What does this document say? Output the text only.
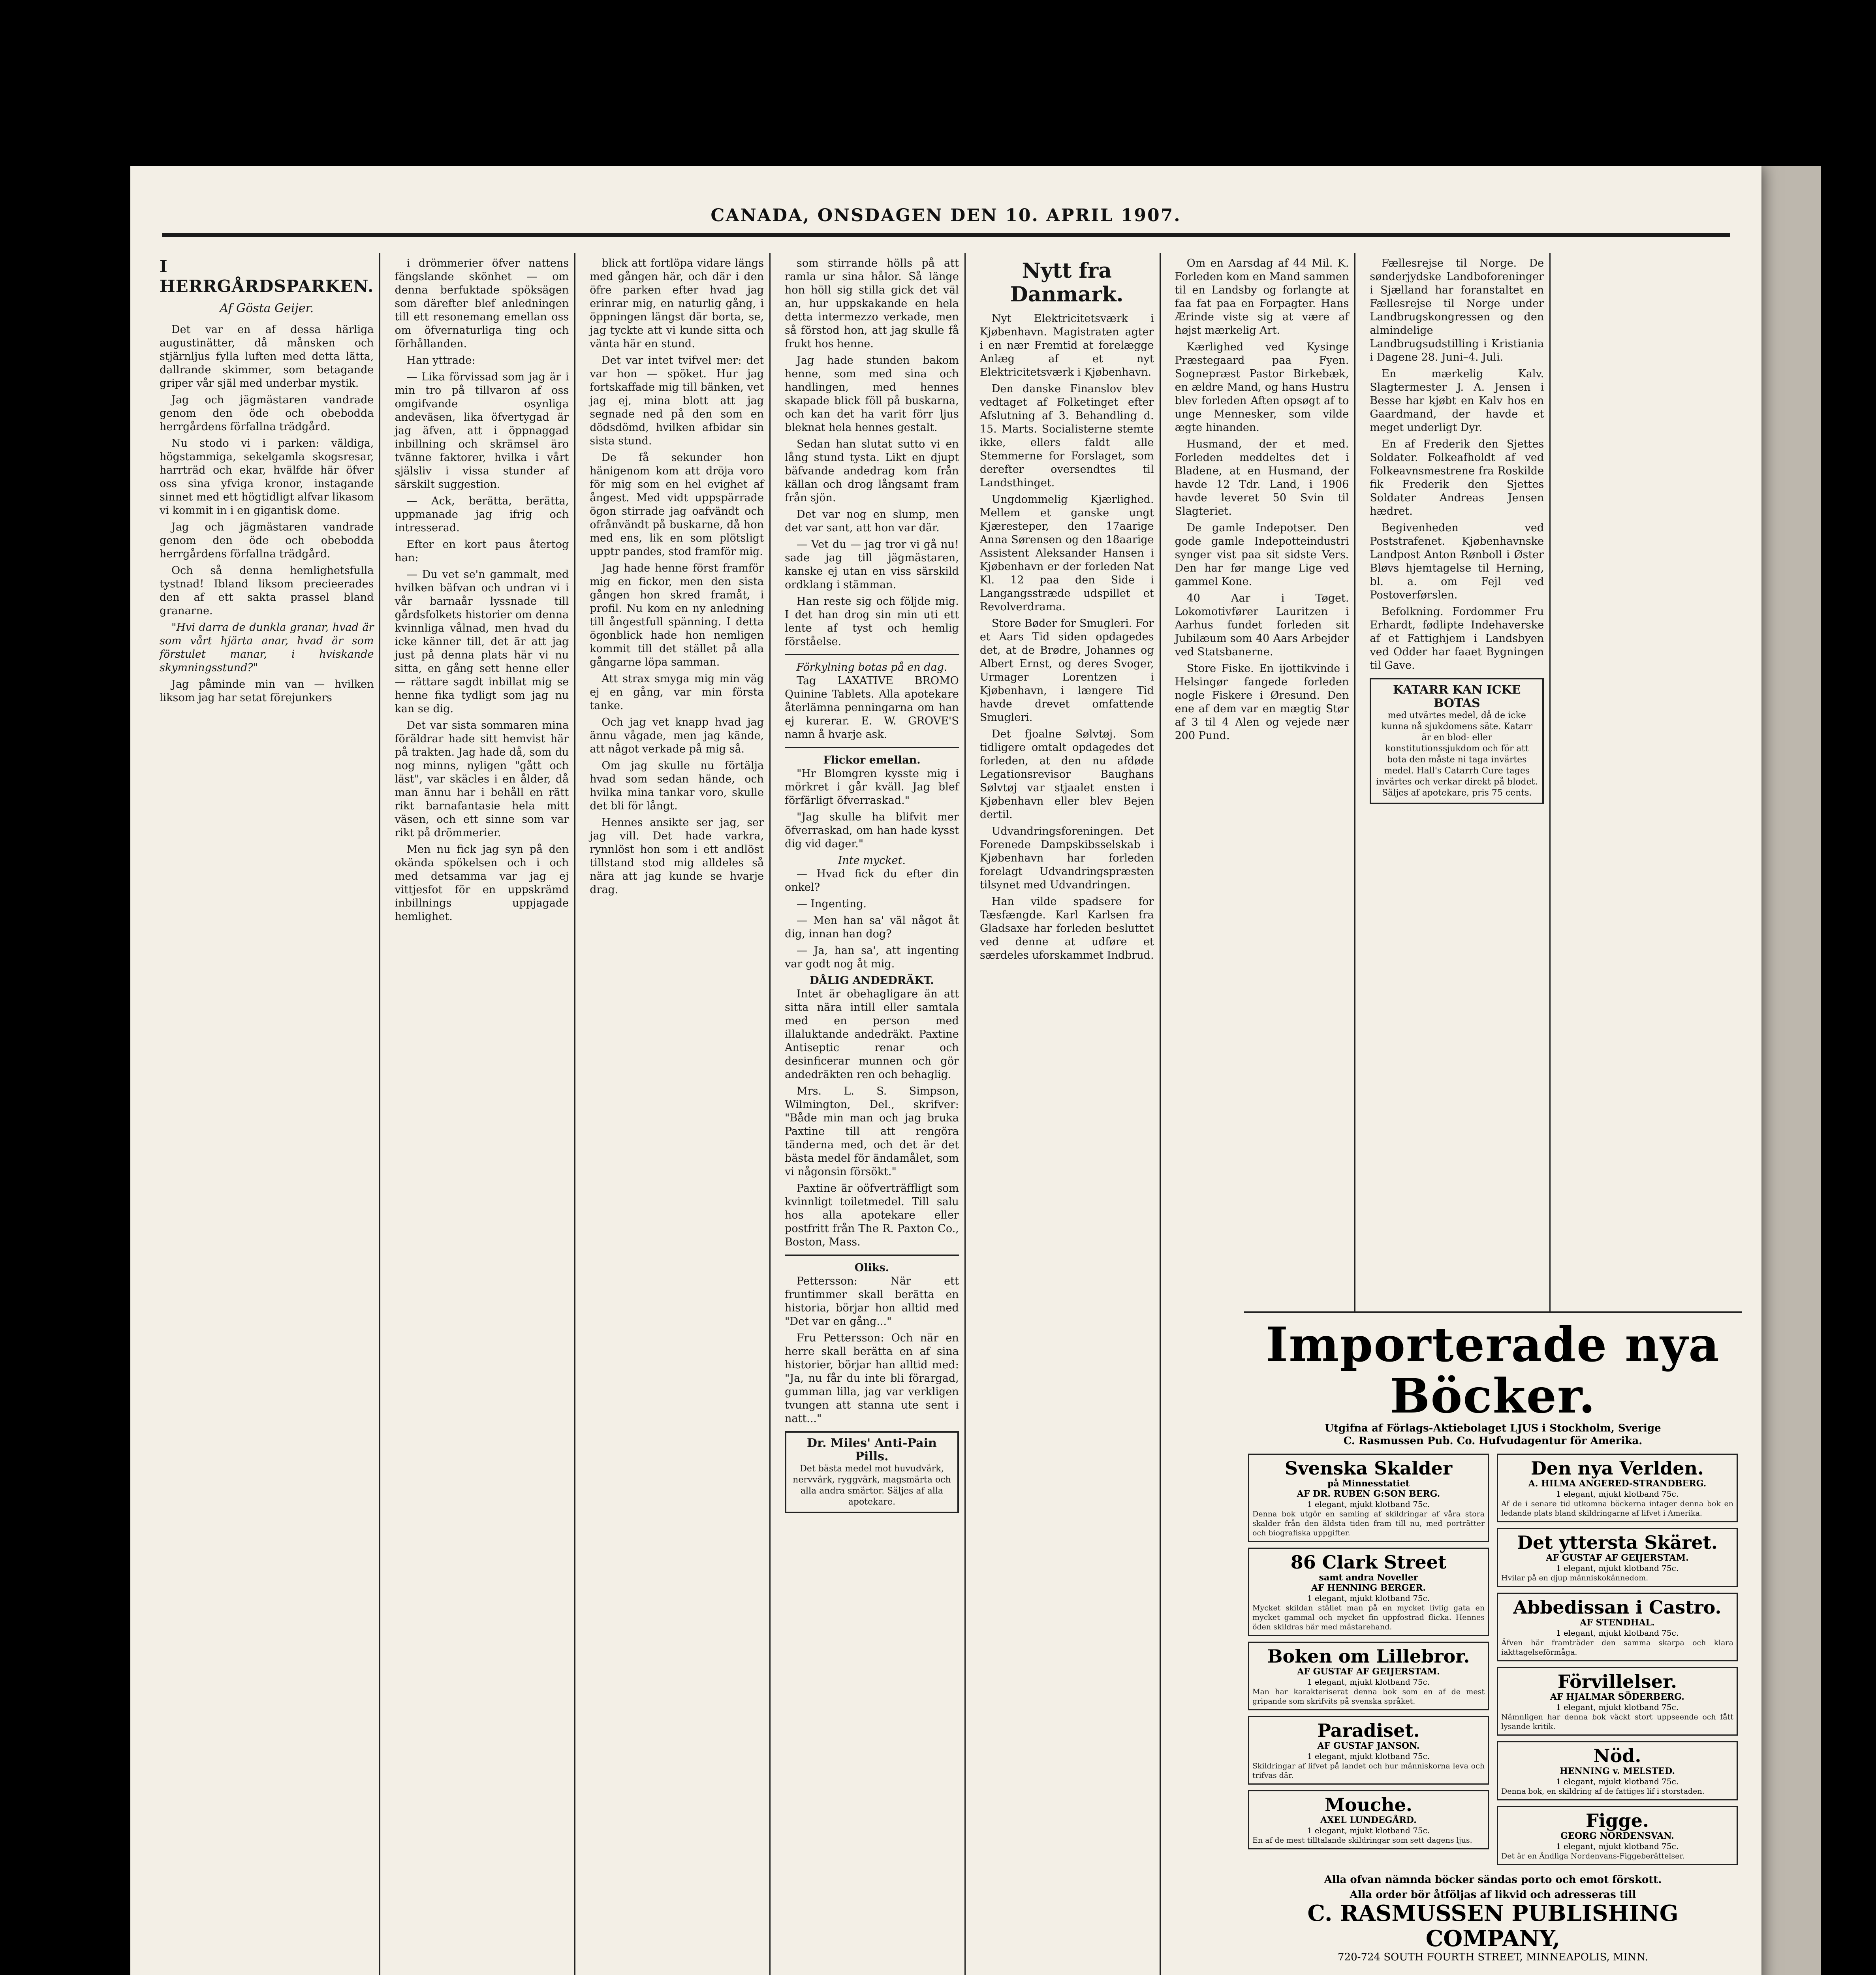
CANADA, ONSDAGEN DEN 10. APRIL 1907.
I HERRGÅRDSPARKEN.
Af Gösta Geijer.

Det var en af dessa härliga augustinätter, då månsken och stjärnljus fylla luften med detta lätta, dallrande skimmer, som betagande griper vår själ med underbar mystik.

Jag och jägmästaren vandrade genom den öde och obebodda herrgårdens förfallna trädgård.

Nu stodo vi i parken: väldiga, högstammiga, sekelgamla skogsresar, harrträd och ekar, hvälfde här öfver oss sina yfviga kronor, instagande sinnet med ett högtidligt alfvar likasom vi kommit in i en gigantisk dome.

Jag och jägmästaren vandrade genom den öde och obebodda herrgårdens förfallna trädgård.

Och så denna hemlighetsfulla tystnad! Ibland liksom precieerades den af ett sakta prassel bland granarne.

"Hvi darra de dunkla granar, hvad är som vårt hjärta anar, hvad är som förstulet manar, i hviskande skymningsstund?"

Jag påminde min van — hvilken liksom jag har setat förejunkers

i drömmerier öfver nattens fängslande skönhet — om denna berfuktade spöksägen som därefter blef anledningen till ett resonemang emellan oss om öfvernaturliga ting och förhållanden.

Han yttrade:

— Lika förvissad som jag är i min tro på tillvaron af oss omgifvande osynliga andeväsen, lika öfvertygad är jag äfven, att i öppnaggad inbillning och skrämsel äro tvänne faktorer, hvilka i vårt själsliv i vissa stunder af särskilt suggestion.

— Ack, berätta, berätta, uppmanade jag ifrig och intresserad.

Efter en kort paus återtog han:

— Du vet se'n gammalt, med hvilken bäfvan och undran vi i vår barnaår lyssnade till gårdsfolkets historier om denna kvinnliga vålnad, men hvad du icke känner till, det är att jag just på denna plats här vi nu sitta, en gång sett henne eller — rättare sagdt inbillat mig se henne fika tydligt som jag nu kan se dig.

Det var sista sommaren mina föräldrar hade sitt hemvist här på trakten. Jag hade då, som du nog minns, nyligen "gått och läst", var skäcles i en ålder, då man ännu har i behåll en rätt rikt barnafantasie hela mitt väsen, och ett sinne som var rikt på drömmerier.

Men nu fick jag syn på den okända spökelsen och i och med detsamma var jag ej vittjesfot för en uppskrämd inbillnings uppjagade hemlighet.

blick att fortlöpa vidare längs med gången här, och där i den öfre parken efter hvad jag erinrar mig, en naturlig gång, i öppningen längst där borta, se, jag tyckte att vi kunde sitta och vänta här en stund.

Det var intet tvifvel mer: det var hon — spöket. Hur jag fortskaffade mig till bänken, vet jag ej, mina blott att jag segnade ned på den som en dödsdömd, hvilken afbidar sin sista stund.

De få sekunder hon hänigenom kom att dröja voro för mig som en hel evighet af ångest. Med vidt uppspärrade ögon stirrade jag oafvändt och ofrånvändt på buskarne, då hon med ens, lik en som plötsligt upptr pandes, stod framför mig.

Jag hade henne först framför mig en fickor, men den sista gången hon skred framåt, i profil. Nu kom en ny anledning till ångestfull spänning. I detta ögonblick hade hon nemligen kommit till det stället på alla gångarne löpa samman.

Att strax smyga mig min väg ej en gång, var min första tanke.

Och jag vet knapp hvad jag ännu vågade, men jag kände, att något verkade på mig så.

Om jag skulle nu förtälja hvad som sedan hände, och hvilka mina tankar voro, skulle det bli för långt.

Hennes ansikte ser jag, ser jag vill. Det hade varkra, rynnlöst hon som i ett andlöst tillstand stod mig alldeles så nära att jag kunde se hvarje drag.

som stirrande hölls på att ramla ur sina hålor. Så länge hon höll sig stilla gick det väl an, hur uppskakande en hela detta intermezzo verkade, men så förstod hon, att jag skulle få frukt hos henne.

Jag hade stunden bakom henne, som med sina och handlingen, med hennes skapade blick föll på buskarna, och kan det ha varit förr ljus bleknat hela hennes gestalt.

Sedan han slutat sutto vi en lång stund tysta. Likt en djupt bäfvande andedrag kom från källan och drog långsamt fram från sjön.

Det var nog en slump, men det var sant, att hon var där.

— Vet du — jag tror vi gå nu! sade jag till jägmästaren, kanske ej utan en viss särskild ordklang i stämman.

Han reste sig och följde mig. I det han drog sin min uti ett lente af tyst och hemlig förståelse.

Förkylning botas på en dag.

Tag LAXATIVE BROMO Quinine Tablets. Alla apotekare återlämna penningarna om han ej kurerar. E. W. GROVE'S namn å hvarje ask.

Flickor emellan.

"Hr Blomgren kysste mig i mörkret i går kväll. Jag blef förfärligt öfverraskad."

"Jag skulle ha blifvit mer öfverraskad, om han hade kysst dig vid dager."

Inte mycket.

— Hvad fick du efter din onkel?

— Ingenting.

— Men han sa' väl något åt dig, innan han dog?

— Ja, han sa', att ingenting var godt nog åt mig.

DÅLIG ANDEDRÄKT.

Intet är obehagligare än att sitta nära intill eller samtala med en person med illaluktande andedräkt. Paxtine Antiseptic renar och desinficerar munnen och gör andedräkten ren och behaglig.

Mrs. L. S. Simpson, Wilmington, Del., skrifver: "Både min man och jag bruka Paxtine till att rengöra tänderna med, och det är det bästa medel för ändamålet, som vi någonsin försökt."

Paxtine är oöfverträffligt som kvinnligt toiletmedel. Till salu hos alla apotekare eller postfritt från The R. Paxton Co., Boston, Mass.

Oliks.

Pettersson: När ett fruntimmer skall berätta en historia, börjar hon alltid med "Det var en gång..."

Fru Pettersson: Och när en herre skall berätta en af sina historier, börjar han alltid med: "Ja, nu får du inte bli förargad, gumman lilla, jag var verkligen tvungen att stanna ute sent i natt..."

Dr. Miles' Anti-Pain Pills.
Det bästa medel mot huvudvärk, nervvärk, ryggvärk, magsmärta och alla andra smärtor. Säljes af alla apotekare.
Nytt fra Danmark.

Nyt Elektricitetsværk i Kjøbenhavn. Magistraten agter i en nær Fremtid at forelægge Anlæg af et nyt Elektricitetsværk i Kjøbenhavn.

Den danske Finanslov blev vedtaget af Folketinget efter Afslutning af 3. Behandling d. 15. Marts. Socialisterne stemte ikke, ellers faldt alle Stemmerne for Forslaget, som derefter oversendtes til Landsthinget.

Ungdommelig Kjærlighed. Mellem et ganske ungt Kjæresteper, den 17aarige Anna Sørensen og den 18aarige Assistent Aleksander Hansen i Kjøbenhavn er der forleden Nat Kl. 12 paa den Side i Langangsstræde udspillet et Revolverdrama.

Store Bøder for Smugleri. For et Aars Tid siden opdagedes det, at de Brødre, Johannes og Albert Ernst, og deres Svoger, Urmager Lorentzen i Kjøbenhavn, i længere Tid havde drevet omfattende Smugleri.

Det fjoalne Sølvtøj. Som tidligere omtalt opdagedes det forleden, at den nu afdøde Legationsrevisor Baughans Sølvtøj var stjaalet ensten i Kjøbenhavn eller blev Bejen dertil.

Udvandringsforeningen. Det Forenede Dampskibsselskab i Kjøbenhavn har forleden forelagt Udvandringspræsten tilsynet med Udvandringen.

Han vilde spadsere for Tæsfængde. Karl Karlsen fra Gladsaxe har forleden besluttet ved denne at udføre et særdeles uforskammet Indbrud.

Om en Aarsdag af 44 Mil. K. Forleden kom en Mand sammen til en Landsby og forlangte at faa fat paa en Forpagter. Hans Ærinde viste sig at være af højst mærkelig Art.

Kærlighed ved Kysinge Præstegaard paa Fyen. Sognepræst Pastor Birkebæk, en ældre Mand, og hans Hustru blev forleden Aften opsøgt af to unge Mennesker, som vilde ægte hinanden.

Husmand, der et med. Forleden meddeltes det i Bladene, at en Husmand, der havde 12 Tdr. Land, i 1906 havde leveret 50 Svin til Slagteriet.

De gamle Indepotser. Den gode gamle Indepotteindustri synger vist paa sit sidste Vers. Den har før mange Lige ved gammel Kone.

40 Aar i Tøget. Lokomotivfører Lauritzen i Aarhus fundet forleden sit Jubilæum som 40 Aars Arbejder ved Statsbanerne.

Store Fiske. En ijottikvinde i Helsingør fangede forleden nogle Fiskere i Øresund. Den ene af dem var en mægtig Stør af 3 til 4 Alen og vejede nær 200 Pund.

Fællesrejse til Norge. De sønderjydske Landboforeninger i Sjælland har foranstaltet en Fællesrejse til Norge under Landbrugskongressen og den almindelige Landbrugsudstilling i Kristiania i Dagene 28. Juni–4. Juli.

En mærkelig Kalv. Slagtermester J. A. Jensen i Besse har kjøbt en Kalv hos en Gaardmand, der havde et meget underligt Dyr.

En af Frederik den Sjettes Soldater. Folkeafholdt af ved Folkeavnsmestrene fra Roskilde fik Frederik den Sjettes Soldater Andreas Jensen hædret.

Begivenheden ved Poststrafenet. Kjøbenhavnske Landpost Anton Rønboll i Øster Bløvs hjemtagelse til Herning, bl. a. om Fejl ved Postoverførslen.

Befolkning. Fordommer Fru Erhardt, fødlipte Indehaverske af et Fattighjem i Landsbyen ved Odder har faaet Bygningen til Gave.

KATARR KAN ICKE BOTAS
med utvärtes medel, då de icke kunna nå sjukdomens säte. Katarr är en blod- eller konstitutionssjukdom och för att bota den måste ni taga invärtes medel. Hall's Catarrh Cure tages invärtes och verkar direkt på blodet. Säljes af apotekare, pris 75 cents.
Importerade nya Böcker.
Utgifna af Förlags-Aktiebolaget LJUS i Stockholm, Sverige
C. Rasmussen Pub. Co. Hufvudagentur för Amerika.
Svenska Skalder
på Minnesstatiet
AF DR. RUBEN G:SON BERG.
1 elegant, mjukt klotband 75c.
Denna bok utgör en samling af skildringar af våra stora skalder från den äldsta tiden fram till nu, med porträtter och biografiska uppgifter.
86 Clark Street
samt andra Noveller
AF HENNING BERGER.
1 elegant, mjukt klotband 75c.
Mycket skildan stället man på en mycket livlig gata en mycket gammal och mycket fin uppfostrad flicka. Hennes öden skildras här med mästarehand.
Boken om Lillebror.
AF GUSTAF AF GEIJERSTAM.
1 elegant, mjukt klotband 75c.
Man har karakteriserat denna bok som en af de mest gripande som skrifvits på svenska språket.
Paradiset.
AF GUSTAF JANSON.
1 elegant, mjukt klotband 75c.
Skildringar af lifvet på landet och hur människorna leva och trifvas där.
Mouche.
AXEL LUNDEGÅRD.
1 elegant, mjukt klotband 75c.
En af de mest tilltalande skildringar som sett dagens ljus.
Den nya Verlden.
A. HILMA ANGERED-STRANDBERG.
1 elegant, mjukt klotband 75c.
Af de i senare tid utkomna böckerna intager denna bok en ledande plats bland skildringarne af lifvet i Amerika.
Det yttersta Skäret.
AF GUSTAF AF GEIJERSTAM.
1 elegant, mjukt klotband 75c.
Hvilar på en djup människokännedom.
Abbedissan i Castro.
AF STENDHAL.
1 elegant, mjukt klotband 75c.
Äfven här framträder den samma skarpa och klara iakttagelseförmåga.
Förvillelser.
AF HJALMAR SÖDERBERG.
1 elegant, mjukt klotband 75c.
Nämnligen har denna bok väckt stort uppseende och fått lysande kritik.
Nöd.
HENNING v. MELSTED.
1 elegant, mjukt klotband 75c.
Denna bok, en skildring af de fattiges lif i storstaden.
Figge.
GEORG NORDENSVAN.
1 elegant, mjukt klotband 75c.
Det är en Ändliga Nordenvans-Figgeberättelser.
Alla ofvan nämnda böcker sändas porto och emot förskott.
Alla order bör åtföljas af likvid och adresseras till
C. RASMUSSEN PUBLISHING COMPANY,
720-724 SOUTH FOURTH STREET, MINNEAPOLIS, MINN.
